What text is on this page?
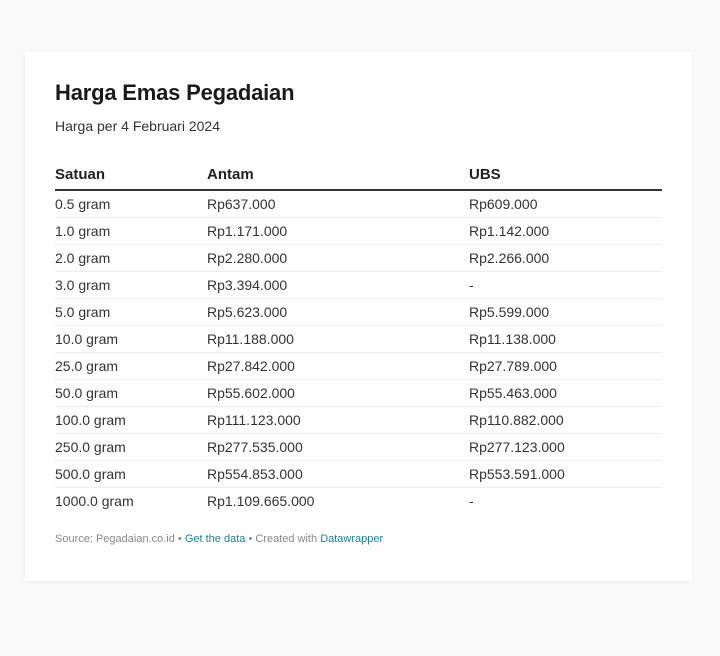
Harga Emas Pegadaian
Harga per 4 Februari 2024
Satuan	Antam	UBS
0.5 gram	Rp637.000	Rp609.000
1.0 gram	Rp1.171.000	Rp1.142.000
2.0 gram	Rp2.280.000	Rp2.266.000
3.0 gram	Rp3.394.000	-
5.0 gram	Rp5.623.000	Rp5.599.000
10.0 gram	Rp11.188.000	Rp11.138.000
25.0 gram	Rp27.842.000	Rp27.789.000
50.0 gram	Rp55.602.000	Rp55.463.000
100.0 gram	Rp111.123.000	Rp110.882.000
250.0 gram	Rp277.535.000	Rp277.123.000
500.0 gram	Rp554.853.000	Rp553.591.000
1000.0 gram	Rp1.109.665.000	-
Source: Pegadaian.co.id • Get the data • Created with Datawrapper
